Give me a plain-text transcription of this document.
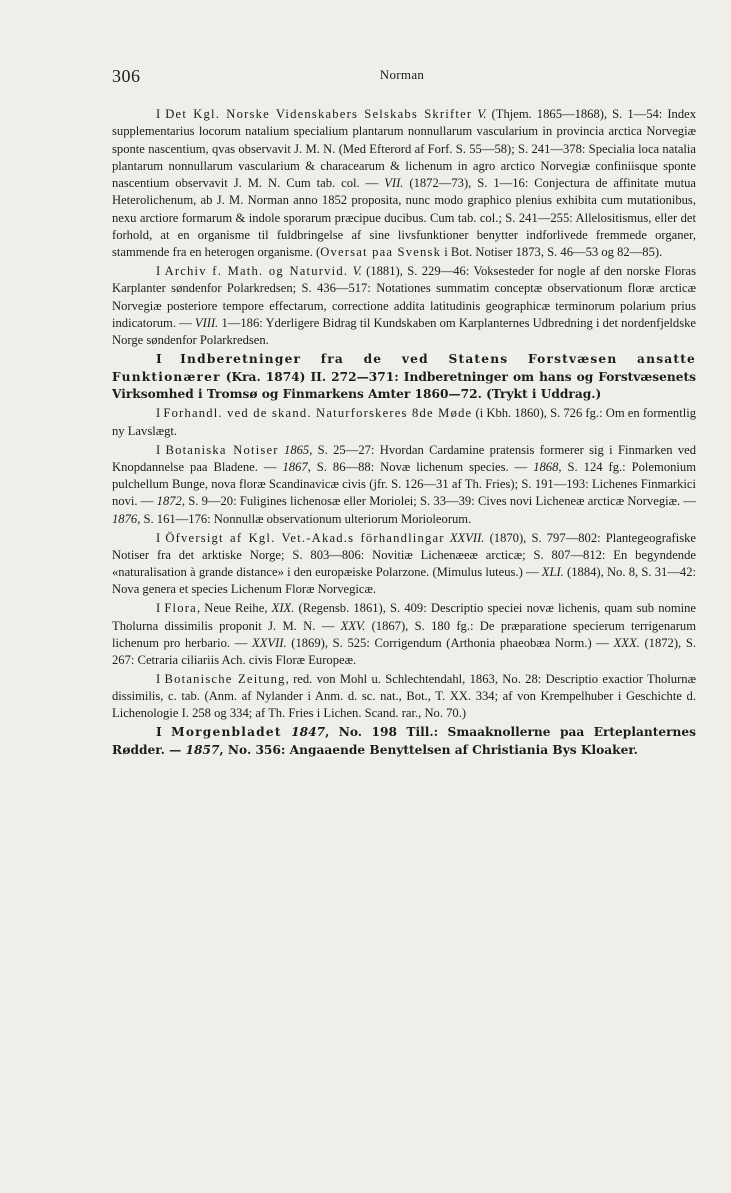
306	Norman

I Det Kgl. Norske Videnskabers Selskabs Skrifter V. (Thjem. 1865—1868), S. 1—54: Index supplementarius locorum natalium specialium plantarum nonnullarum vascularium in provincia arctica Norvegiæ sponte nascentium, qvas observavit J. M. N. (Med Efterord af Forf. S. 55—58); S. 241—378: Specialia loca natalia plantarum nonnullarum vascularium & characearum & lichenum in agro arctico Norvegiæ confiniisque sponte nascentium observavit J. M. N. Cum tab. col. — VII. (1872—73), S. 1—16: Conjectura de affinitate mutua Heterolichenum, ab J. M. Norman anno 1852 proposita, nunc modo graphico plenius exhibita cum mutationibus, nexu arctiore formarum & indole sporarum præcipue ducibus. Cum tab. col.; S. 241—255: Allelositismus, eller det forhold, at en organisme til fuldbringelse af sine livsfunktioner benytter indforlivede fremmede organer, stammende fra en heterogen organisme. (Oversat paa Svensk i Bot. Notiser 1873, S. 46—53 og 82—85).

I Archiv f. Math. og Naturvid. V. (1881), S. 229—46: Voksesteder for nogle af den norske Floras Karplanter søndenfor Polarkredsen; S. 436—517: Notationes summatim conceptæ observationum floræ arcticæ Norvegiæ posteriore tempore effectarum, correctione addita latitudinis geographicæ terminorum polarium prius indicatorum. — VIII. 1—186: Yderligere Bidrag til Kundskaben om Karplanternes Udbredning i det nordenfjeldske Norge søndenfor Polarkredsen.

I Indberetninger fra de ved Statens Forstvæsen ansatte Funktionærer (Kra. 1874) II. 272—371: Indberetninger om hans og Forstvæsenets Virksomhed i Tromsø og Finmarkens Amter 1860—72. (Trykt i Uddrag.)

I Forhandl. ved de skand. Naturforskeres 8de Møde (i Kbh. 1860), S. 726 fg.: Om en formentlig ny Lavslægt.

I Botaniska Notiser 1865, S. 25—27: Hvordan Cardamine pratensis formerer sig i Finmarken ved Knopdannelse paa Bladene. — 1867, S. 86—88: Novæ lichenum species. — 1868, S. 124 fg.: Polemonium pulchellum Bunge, nova floræ Scandinavicæ civis (jfr. S. 126—31 af Th. Fries); S. 191—193: Lichenes Finmarkici novi. — 1872, S. 9—20: Fuligines lichenosæ eller Moriolei; S. 33—39: Cives novi Licheneæ arcticæ Norvegiæ. — 1876, S. 161—176: Nonnullæ observationum ulteriorum Morioleorum.

I Öfversigt af Kgl. Vet.-Akad.s förhandlingar XXVII. (1870), S. 797—802: Plantegeografiske Notiser fra det arktiske Norge; S. 803—806: Novitiæ Lichenæeæ arcticæ; S. 807—812: En begyndende «naturalisation à grande distance» i den europæiske Polarzone. (Mimulus luteus.) — XLI. (1884), No. 8, S. 31—42: Nova genera et species Lichenum Floræ Norvegicæ.

I Flora, Neue Reihe, XIX. (Regensb. 1861), S. 409: Descriptio speciei novæ lichenis, quam sub nomine Tholurna dissimilis proponit J. M. N. — XXV. (1867), S. 180 fg.: De præparatione specierum terrigenarum lichenum pro herbario. — XXVII. (1869), S. 525: Corrigendum (Arthonia phaeobæa Norm.) — XXX. (1872), S. 267: Cetraria ciliariis Ach. civis Floræ Europeæ.

I Botanische Zeitung, red. von Mohl u. Schlechtendahl, 1863, No. 28: Descriptio exactior Tholurnæ dissimilis, c. tab. (Anm. af Nylander i Anm. d. sc. nat., Bot., T. XX. 334; af von Krempelhuber i Geschichte d. Lichenologie I. 258 og 334; af Th. Fries i Lichen. Scand. rar., No. 70.)

I Morgenbladet 1847, No. 198 Till.: Smaaknollerne paa Erteplanternes Rødder. — 1857, No. 356: Angaaende Benyttelsen af Christiania Bys Kloaker.
